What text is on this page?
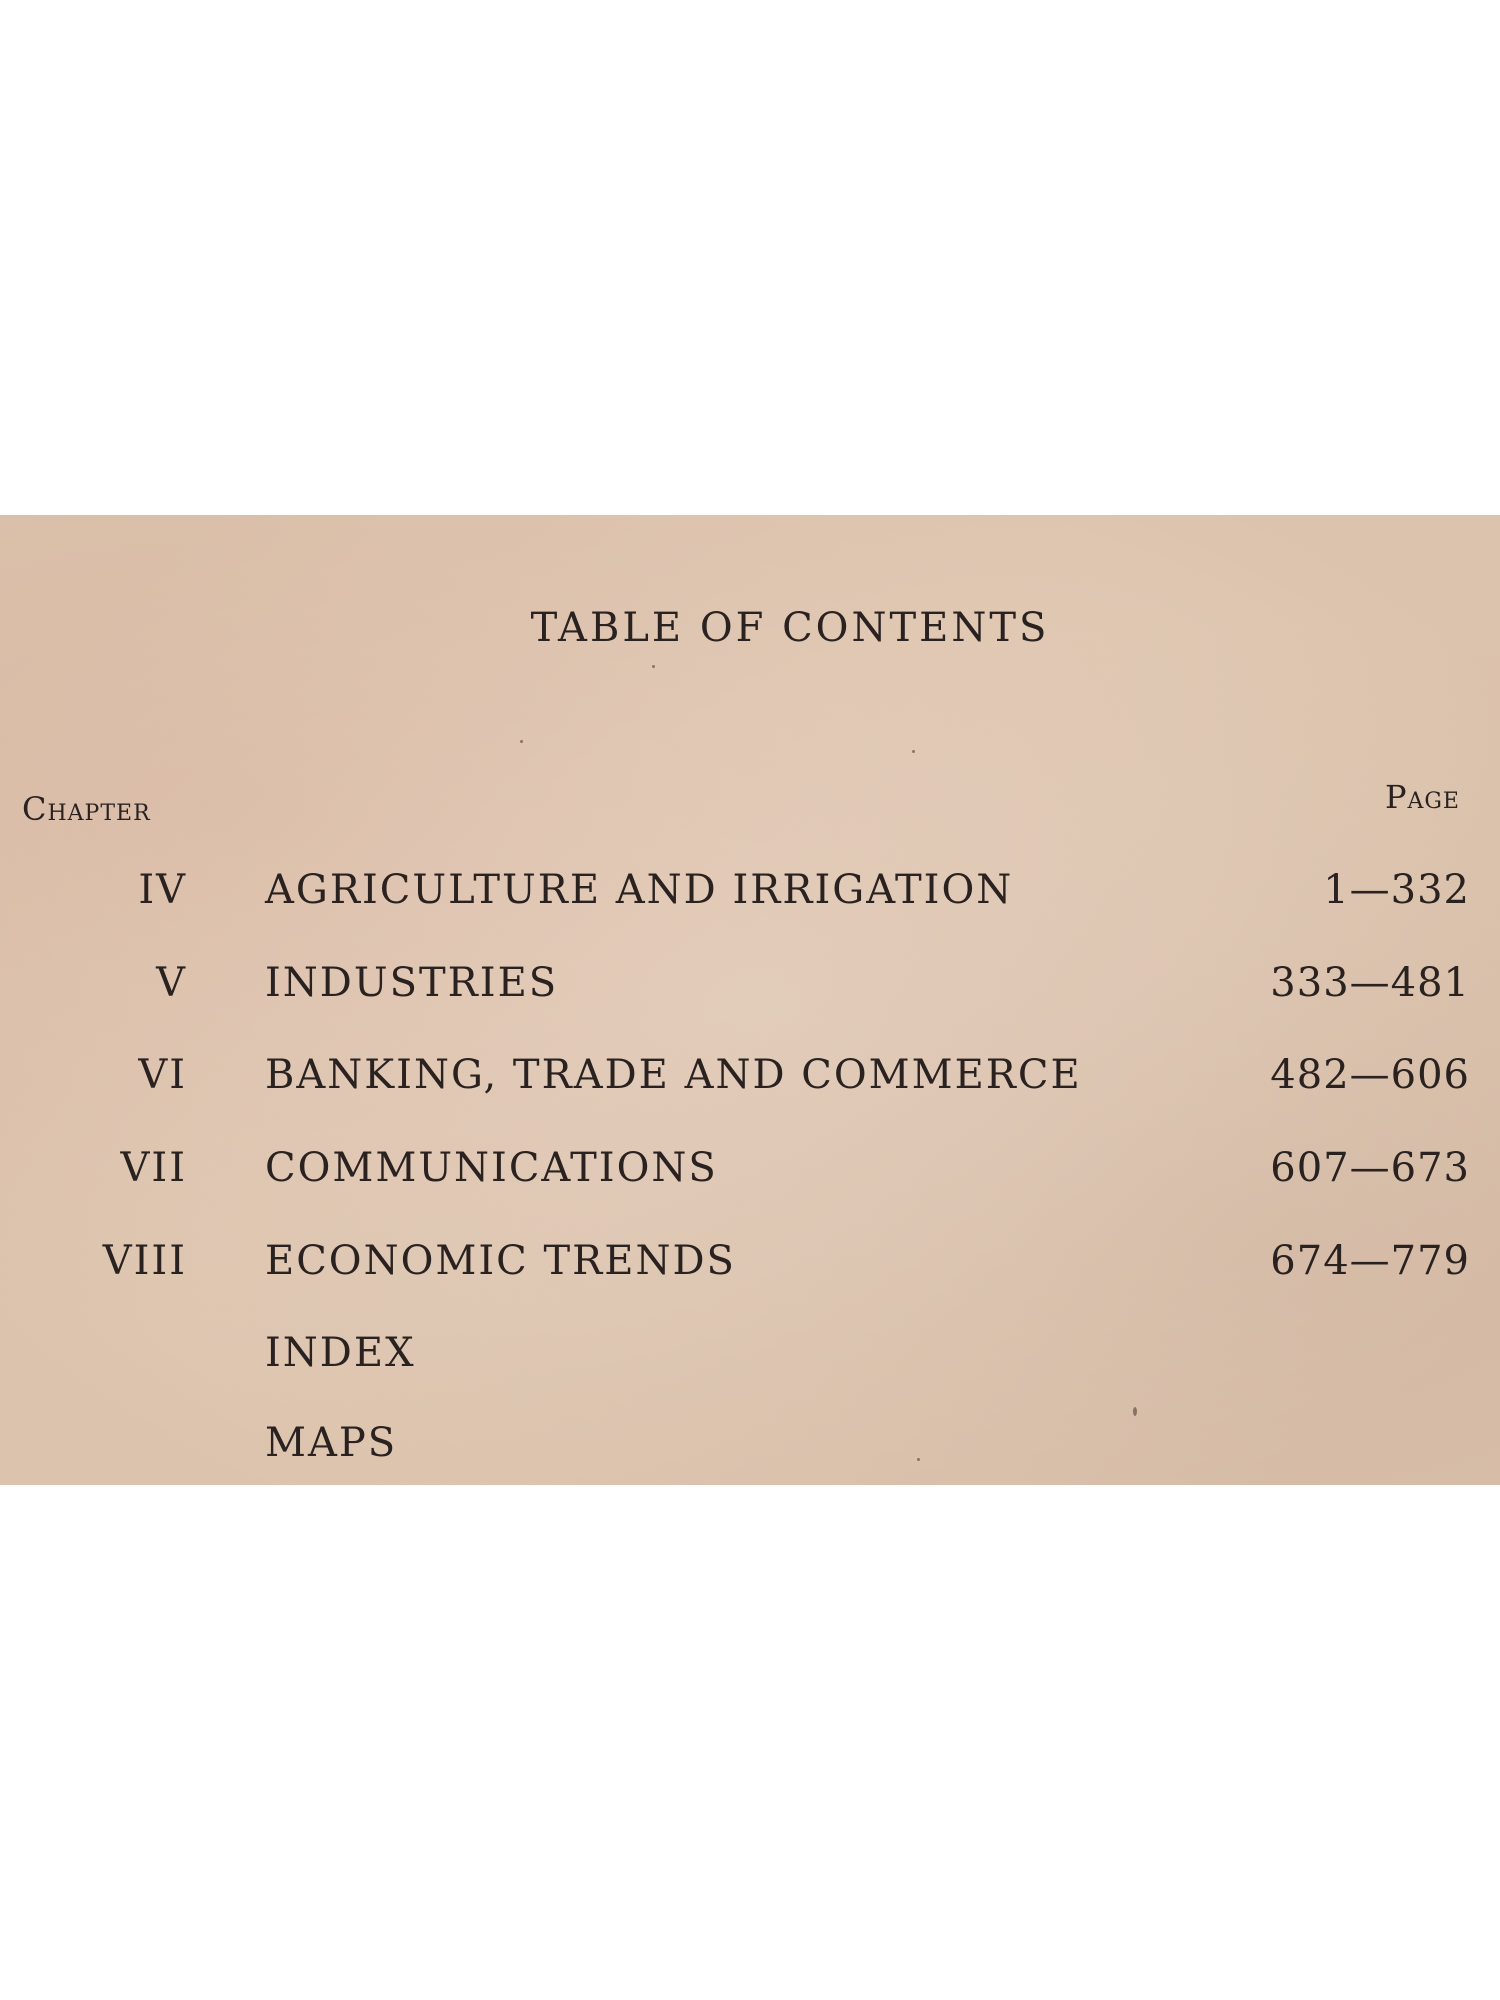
TABLE OF CONTENTS
Chapter	Page
IV AGRICULTURE AND IRRIGATION	1—332
V INDUSTRIES	333—481
VI BANKING, TRADE AND COMMERCE	482—606
VII COMMUNICATIONS	607—673
VIII ECONOMIC TRENDS	674—779
INDEX
MAPS
